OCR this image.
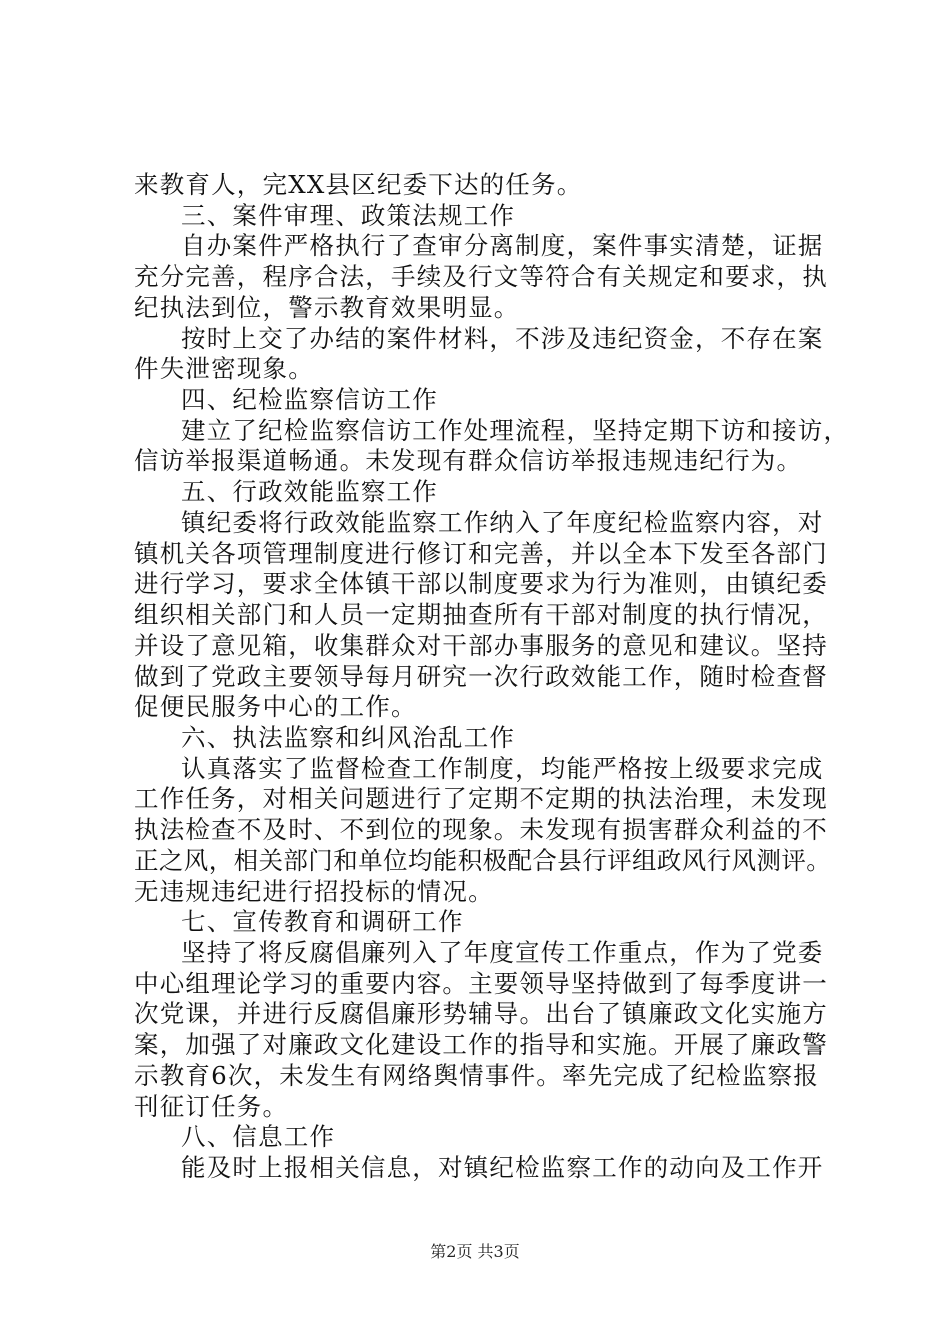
来教育人，完XX县区纪委下达的任务。
三、案件审理、政策法规工作
自办案件严格执行了查审分离制度，案件事实清楚，证据
充分完善，程序合法，手续及行文等符合有关规定和要求，执
纪执法到位，警示教育效果明显。
按时上交了办结的案件材料，不涉及违纪资金，不存在案
件失泄密现象。
四、纪检监察信访工作
建立了纪检监察信访工作处理流程，坚持定期下访和接访，
信访举报渠道畅通。未发现有群众信访举报违规违纪行为。
五、行政效能监察工作
镇纪委将行政效能监察工作纳入了年度纪检监察内容，对
镇机关各项管理制度进行修订和完善，并以全本下发至各部门
进行学习，要求全体镇干部以制度要求为行为准则，由镇纪委
组织相关部门和人员一定期抽查所有干部对制度的执行情况，
并设了意见箱，收集群众对干部办事服务的意见和建议。坚持
做到了党政主要领导每月研究一次行政效能工作，随时检查督
促便民服务中心的工作。
六、执法监察和纠风治乱工作
认真落实了监督检查工作制度，均能严格按上级要求完成
工作任务，对相关问题进行了定期不定期的执法治理，未发现
执法检查不及时、不到位的现象。未发现有损害群众利益的不
正之风，相关部门和单位均能积极配合县行评组政风行风测评。
无违规违纪进行招投标的情况。
七、宣传教育和调研工作
坚持了将反腐倡廉列入了年度宣传工作重点，作为了党委
中心组理论学习的重要内容。主要领导坚持做到了每季度讲一
次党课，并进行反腐倡廉形势辅导。出台了镇廉政文化实施方
案，加强了对廉政文化建设工作的指导和实施。开展了廉政警
示教育6次，未发生有网络舆情事件。率先完成了纪检监察报
刊征订任务。
八、信息工作
能及时上报相关信息，对镇纪检监察工作的动向及工作开
第2页 共3页
